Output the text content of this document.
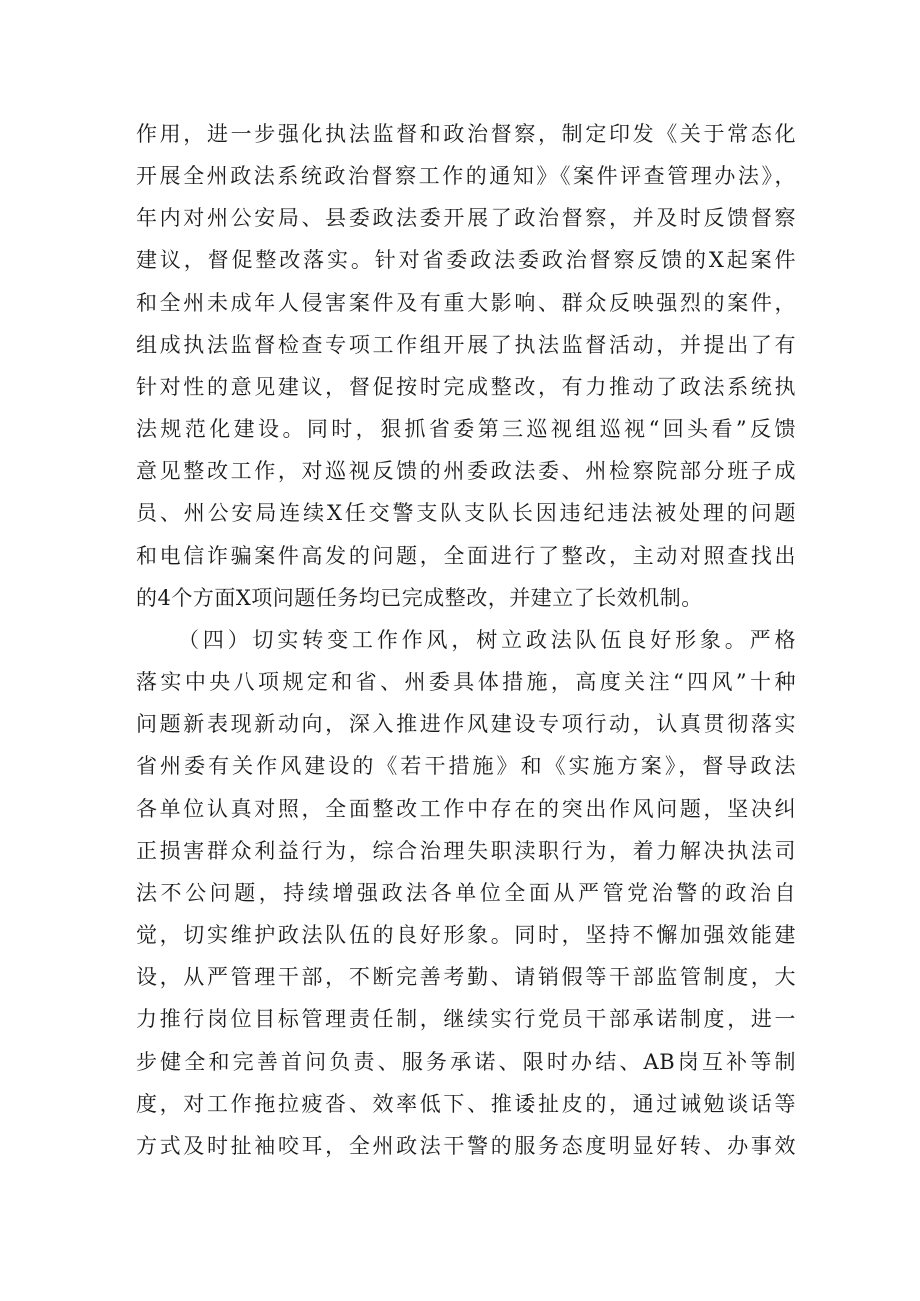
作用，进一步强化执法监督和政治督察，制定印发《关于常态化
开展全州政法系统政治督察工作的通知》《案件评查管理办法》，
年内对州公安局、县委政法委开展了政治督察，并及时反馈督察
建议，督促整改落实。针对省委政法委政治督察反馈的X起案件
和全州未成年人侵害案件及有重大影响、群众反映强烈的案件，
组成执法监督检查专项工作组开展了执法监督活动，并提出了有
针对性的意见建议，督促按时完成整改，有力推动了政法系统执
法规范化建设。同时，狠抓省委第三巡视组巡视“回头看”反馈
意见整改工作，对巡视反馈的州委政法委、州检察院部分班子成
员、州公安局连续X任交警支队支队长因违纪违法被处理的问题
和电信诈骗案件高发的问题，全面进行了整改，主动对照查找出
的4个方面X项问题任务均已完成整改，并建立了长效机制。
（四）切实转变工作作风，树立政法队伍良好形象。严格
落实中央八项规定和省、州委具体措施，高度关注“四风”十种
问题新表现新动向，深入推进作风建设专项行动，认真贯彻落实
省州委有关作风建设的《若干措施》和《实施方案》，督导政法
各单位认真对照，全面整改工作中存在的突出作风问题，坚决纠
正损害群众利益行为，综合治理失职渎职行为，着力解决执法司
法不公问题，持续增强政法各单位全面从严管党治警的政治自
觉，切实维护政法队伍的良好形象。同时，坚持不懈加强效能建
设，从严管理干部，不断完善考勤、请销假等干部监管制度，大
力推行岗位目标管理责任制，继续实行党员干部承诺制度，进一
步健全和完善首问负责、服务承诺、限时办结、AB岗互补等制
度，对工作拖拉疲沓、效率低下、推诿扯皮的，通过诫勉谈话等
方式及时扯袖咬耳，全州政法干警的服务态度明显好转、办事效
